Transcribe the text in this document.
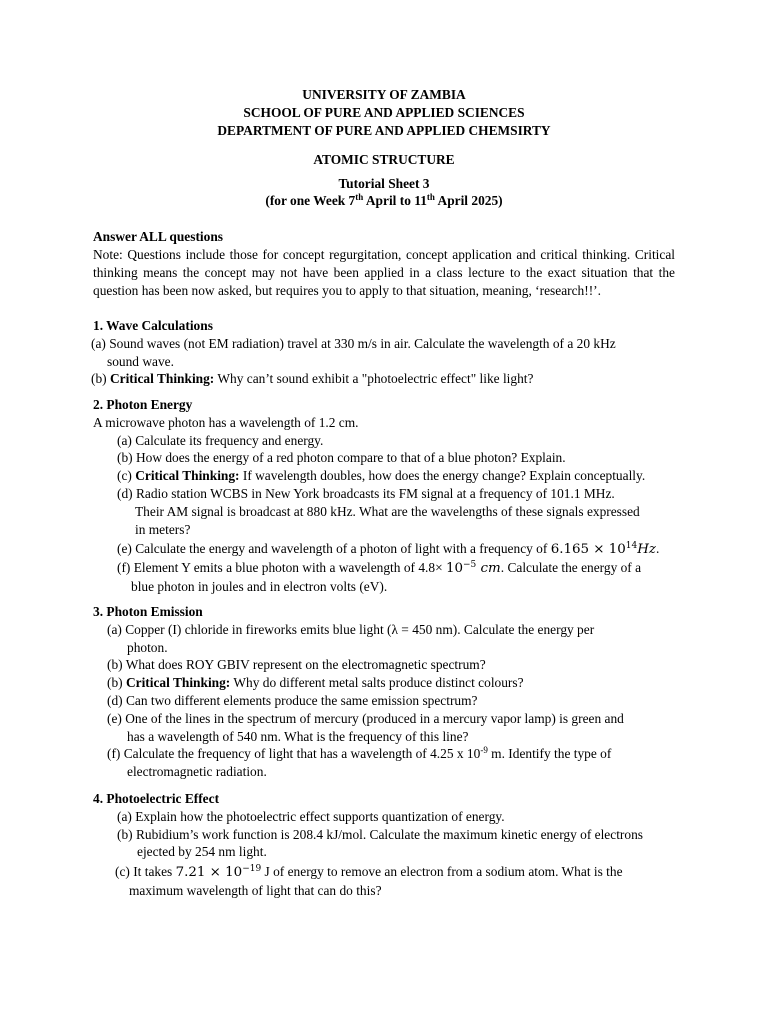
UNIVERSITY OF ZAMBIA

SCHOOL OF PURE AND APPLIED SCIENCES

DEPARTMENT OF PURE AND APPLIED CHEMSIRTY

ATOMIC STRUCTURE

Tutorial Sheet 3

(for one Week 7th April to 11th April 2025)

Answer ALL questions

Note: Questions include those for concept regurgitation, concept application and critical thinking. Critical thinking means the concept may not have been applied in a class lecture to the exact situation that the question has been now asked, but requires you to apply to that situation, meaning, ‘research!!’.

1. Wave Calculations

(a) Sound waves (not EM radiation) travel at 330 m/s in air. Calculate the wavelength of a 20 kHz
sound wave.

(b) Critical Thinking: Why can’t sound exhibit a "photoelectric effect" like light?

2. Photon Energy

A microwave photon has a wavelength of 1.2 cm.

(a) Calculate its frequency and energy.

(b) How does the energy of a red photon compare to that of a blue photon? Explain.

(c) Critical Thinking: If wavelength doubles, how does the energy change? Explain conceptually.

(d) Radio station WCBS in New York broadcasts its FM signal at a frequency of 101.1 MHz.
Their AM signal is broadcast at 880 kHz. What are the wavelengths of these signals expressed
in meters?

(e) Calculate the energy and wavelength of a photon of light with a frequency of $6.165 \times 10^{14}Hz$.

(f) Element Y emits a blue photon with a wavelength of $4.8\times 10^{-5}$ cm. Calculate the energy of a
blue photon in joules and in electron volts (eV).

3. Photon Emission

(a) Copper (I) chloride in fireworks emits blue light (λ = 450 nm). Calculate the energy per
photon.

(b) What does ROY GBIV represent on the electromagnetic spectrum?

(b) Critical Thinking: Why do different metal salts produce distinct colours?

(d) Can two different elements produce the same emission spectrum?

(e) One of the lines in the spectrum of mercury (produced in a mercury vapor lamp) is green and
has a wavelength of 540 nm. What is the frequency of this line?

(f) Calculate the frequency of light that has a wavelength of 4.25 x $10^{-9}$ m. Identify the type of
electromagnetic radiation.

4. Photoelectric Effect

(a) Explain how the photoelectric effect supports quantization of energy.

(b) Rubidium’s work function is 208.4 kJ/mol. Calculate the maximum kinetic energy of electrons
ejected by 254 nm light.

(c) It takes $7.21 \times 10^{-19}$ J of energy to remove an electron from a sodium atom. What is the
maximum wavelength of light that can do this?
